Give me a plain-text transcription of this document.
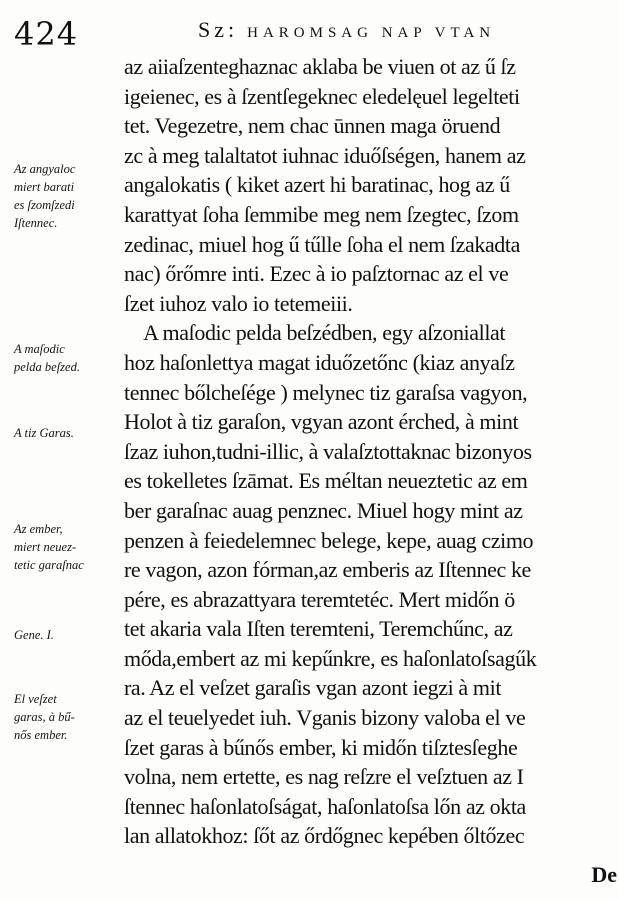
424	Sz: HAROMSAG NAP VTAN
az aiiaſzenteghaznac aklaba be viuen ot az ű ſz
igeienec, es à ſzentſegeknec eledelęuel legelteti
tet. Vegezetre, nem chac ūnnen maga öruend
zc à meg talaltatot iuhnac iduőſségen, hanem az
angalokatis ( kiket azert hi baratinac, hog az ű
karattyat ſoha ſemmibe meg nem ſzegtec, ſzom
zedinac, miuel hog ű tűlle ſoha el nem ſzakadta
nac) őrőmre inti. Ezec à io paſztornac az el ve
ſzet iuhoz valo io tetemeiii.
A maſodic pelda beſzédben, egy aſzoniallat
hoz haſonlettya magat iduőzetőnc (kiaz anyaſz
tennec bőlcheſége ) melynec tiz garaſsa vagyon,
Holot à tiz garaſon, vgyan azont érched, à mint
ſzaz iuhon,tudni-illic, à valaſztottaknac bizonyos
es tokelletes ſzāmat. Es méltan neueztetic az em
ber garaſnac auag penznec. Miuel hogy mint az
penzen à feiedelemnec belege, kepe, auag czimo
re vagon, azon fórman,az emberis az Iſtennec ke
pére, es abrazattyara teremtetéc. Mert midőn ö
tet akaria vala Iſten teremteni, Teremchűnc, az
mőda,embert az mi kepűnkre, es haſonlatoſsagűk
ra. Az el veſzet garaſis vgan azont iegzi à mit
az el teuelyedet iuh. Vganis bizony valoba el ve
ſzet garas à bűnős ember, ki midőn tiſztesſeghe
volna, nem ertette, es nag reſzre el veſztuen az I
ſtennec haſonlatoſságat, haſonlatoſsa lőn az okta
lan allatokhoz: ſőt az őrdőgnec kepében őltőzec
Az angyaloc
miert barati
es ſzomſzedi
Iſtennec.
A maſodic
pelda beſzed.
A tiz Garas.
Az ember,
miert neuez-
tetic garaſnac
Gene. I.
El veſzet
garas, à bű-
nős ember.
De
